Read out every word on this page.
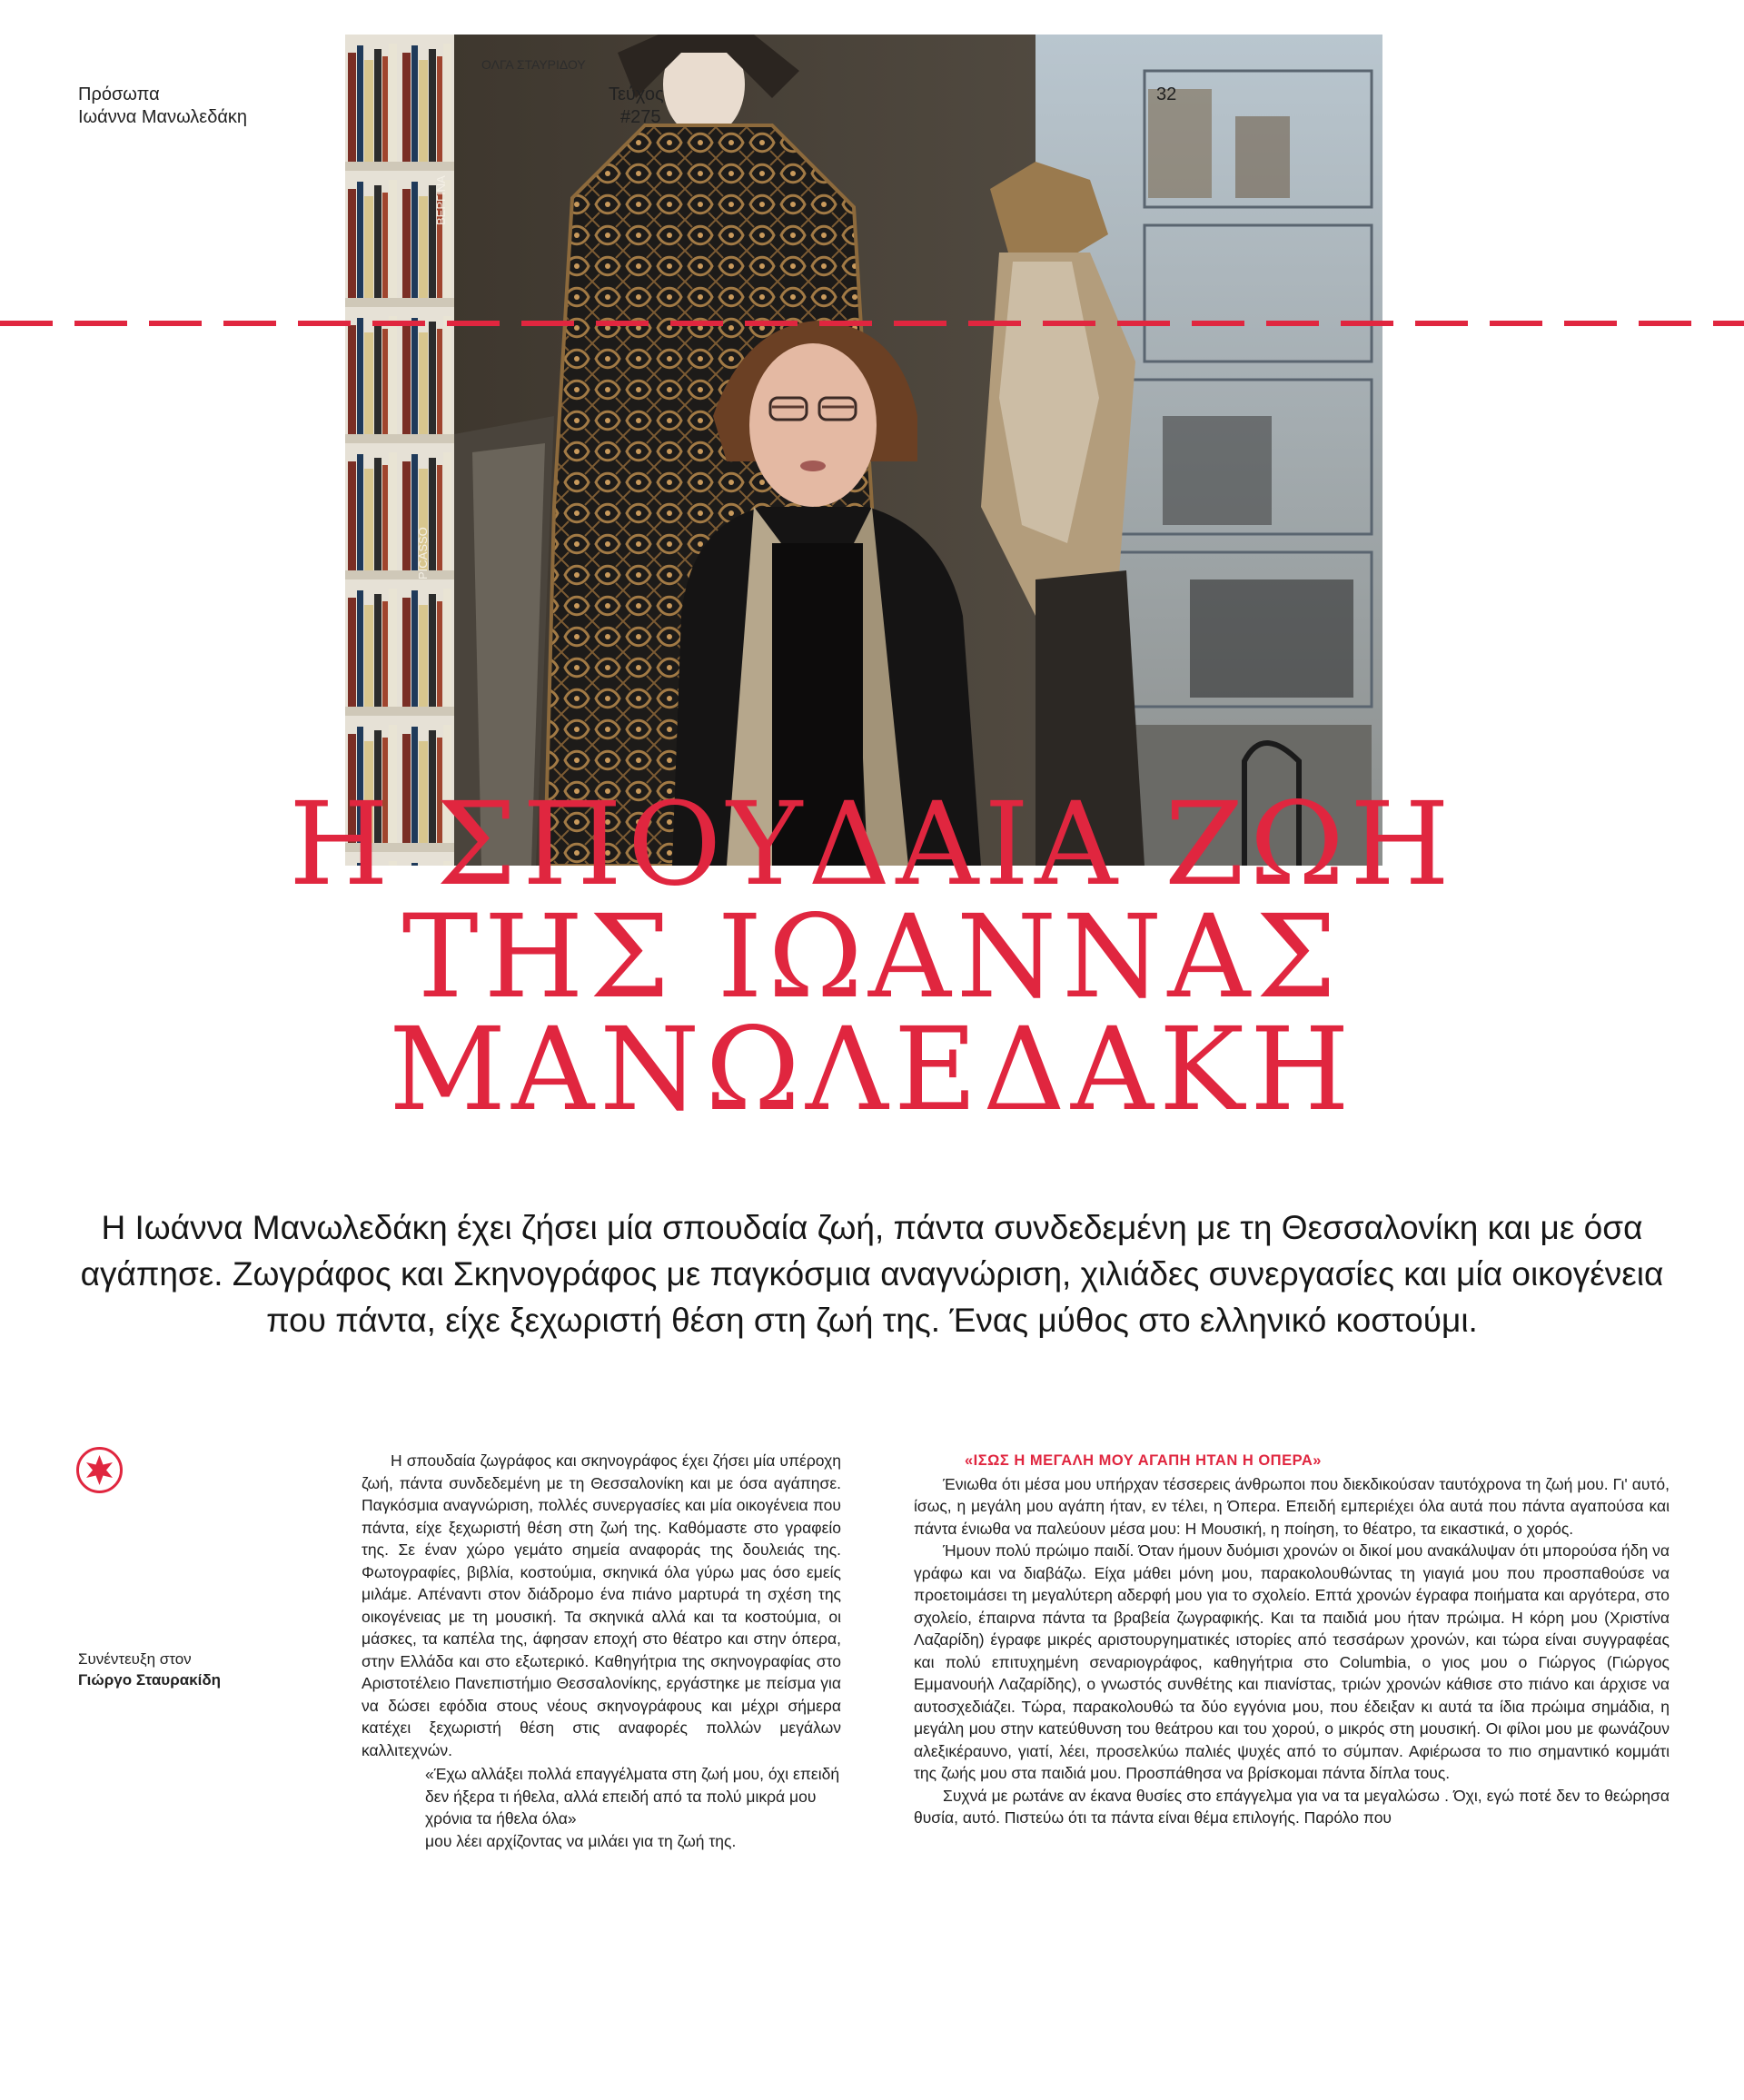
Πρόσωπα
Ιωάννα Μανωλεδάκη
ΟΛΓΑ ΣΤΑΥΡΙΔΟΥ
ΒΕΡΓΙΝΑ
PICASSO
Τεύχος
#275
32
Η ΣΠΟΥΔΑΙΑ ΖΩΗ
ΤΗΣ ΙΩΑΝΝΑΣ
ΜΑΝΩΛΕΔΑΚΗ
Η Ιωάννα Μανωλεδάκη έχει ζήσει μία σπουδαία ζωή, πάντα συνδεδεμένη με τη Θεσσαλονίκη και με όσα αγάπησε. Ζωγράφος και Σκηνογράφος με παγκόσμια αναγνώριση, χιλιάδες συνεργασίες και μία οικογένεια που πάντα, είχε ξεχωριστή θέση στη ζωή της. Ένας μύθος στο ελληνικό κοστούμι.
Συνέντευξη στον
Γιώργο Σταυρακίδη

Η σπουδαία ζωγράφος και σκηνογράφος έχει ζήσει μία υπέροχη ζωή, πάντα συνδεδεμένη με τη Θεσσαλονίκη και με όσα αγάπησε. Παγκόσμια αναγνώριση, πολλές συνεργασίες και μία οικογένεια που πάντα, είχε ξεχωριστή θέση στη ζωή της. Καθόμαστε στο γραφείο της. Σε έναν χώρο γεμάτο σημεία αναφοράς της δουλειάς της. Φωτογραφίες, βιβλία, κοστούμια, σκηνικά όλα γύρω μας όσο εμείς μιλάμε. Απέναντι στον διάδρομο ένα πιάνο μαρτυρά τη σχέση της οικογένειας με τη μουσική. Τα σκηνικά αλλά και τα κοστούμια, οι μάσκες, τα καπέλα της, άφησαν εποχή στο θέατρο και στην όπερα, στην Ελλάδα και στο εξωτερικό. Καθηγήτρια της σκηνογραφίας στο Αριστοτέλειο Πανεπιστήμιο Θεσσαλονίκης, εργάστηκε με πείσμα για να δώσει εφόδια στους νέους σκηνογράφους και μέχρι σήμερα κατέχει ξεχωριστή θέση στις αναφορές πολλών μεγάλων καλλιτεχνών.

«Έχω αλλάξει πολλά επαγγέλματα στη ζωή μου, όχι επειδή δεν ήξερα τι ήθελα, αλλά επειδή από τα πολύ μικρά μου χρόνια τα ήθελα όλα»

μου λέει αρχίζοντας να μιλάει για τη ζωή της.

«ΙΣΩΣ Η ΜΕΓΑΛΗ ΜΟΥ ΑΓΑΠΗ ΗΤΑΝ Η ΟΠΕΡΑ»

Ένιωθα ότι μέσα μου υπήρχαν τέσσερεις άνθρωποι που διεκδικούσαν ταυτόχρονα τη ζωή μου. Γι' αυτό, ίσως, η μεγάλη μου αγάπη ήταν, εν τέλει, η Όπερα. Επειδή εμπεριέχει όλα αυτά που πάντα αγαπούσα και πάντα ένιωθα να παλεύουν μέσα μου: Η Μουσική, η ποίηση, το θέατρο, τα εικαστικά, ο χορός.

Ήμουν πολύ πρώιμο παιδί. Όταν ήμουν δυόμισι χρονών οι δικοί μου ανακάλυψαν ότι μπορούσα ήδη να γράφω και να διαβάζω. Είχα μάθει μόνη μου, παρακολουθώντας τη γιαγιά μου που προσπαθούσε να προετοιμάσει τη μεγαλύτερη αδερφή μου για το σχολείο. Επτά χρονών έγραφα ποιήματα και αργότερα, στο σχολείο, έπαιρνα πάντα τα βραβεία ζωγραφικής. Και τα παιδιά μου ήταν πρώιμα. Η κόρη μου (Χριστίνα Λαζαρίδη) έγραφε μικρές αριστουργηματικές ιστορίες από τεσσάρων χρονών, και τώρα είναι συγγραφέας και πολύ επιτυχημένη σεναριογράφος, καθηγήτρια στο Columbia, ο γιος μου ο Γιώργος (Γιώργος Εμμανουήλ Λαζαρίδης), ο γνωστός συνθέτης και πιανίστας, τριών χρονών κάθισε στο πιάνο και άρχισε να αυτοσχεδιάζει. Τώρα, παρακολουθώ τα δύο εγγόνια μου, που έδειξαν κι αυτά τα ίδια πρώιμα σημάδια, η μεγάλη μου στην κατεύθυνση του θεάτρου και του χορού, ο μικρός στη μουσική. Οι φίλοι μου με φωνάζουν αλεξικέραυνο, γιατί, λέει, προσελκύω παλιές ψυχές από το σύμπαν. Αφιέρωσα το πιο σημαντικό κομμάτι της ζωής μου στα παιδιά μου. Προσπάθησα να βρίσκομαι πάντα δίπλα τους.

Συχνά με ρωτάνε αν έκανα θυσίες στο επάγγελμα για να τα μεγαλώσω . Όχι, εγώ ποτέ δεν το θεώρησα θυσία, αυτό. Πιστεύω ότι τα πάντα είναι θέμα επιλογής. Παρόλο που
